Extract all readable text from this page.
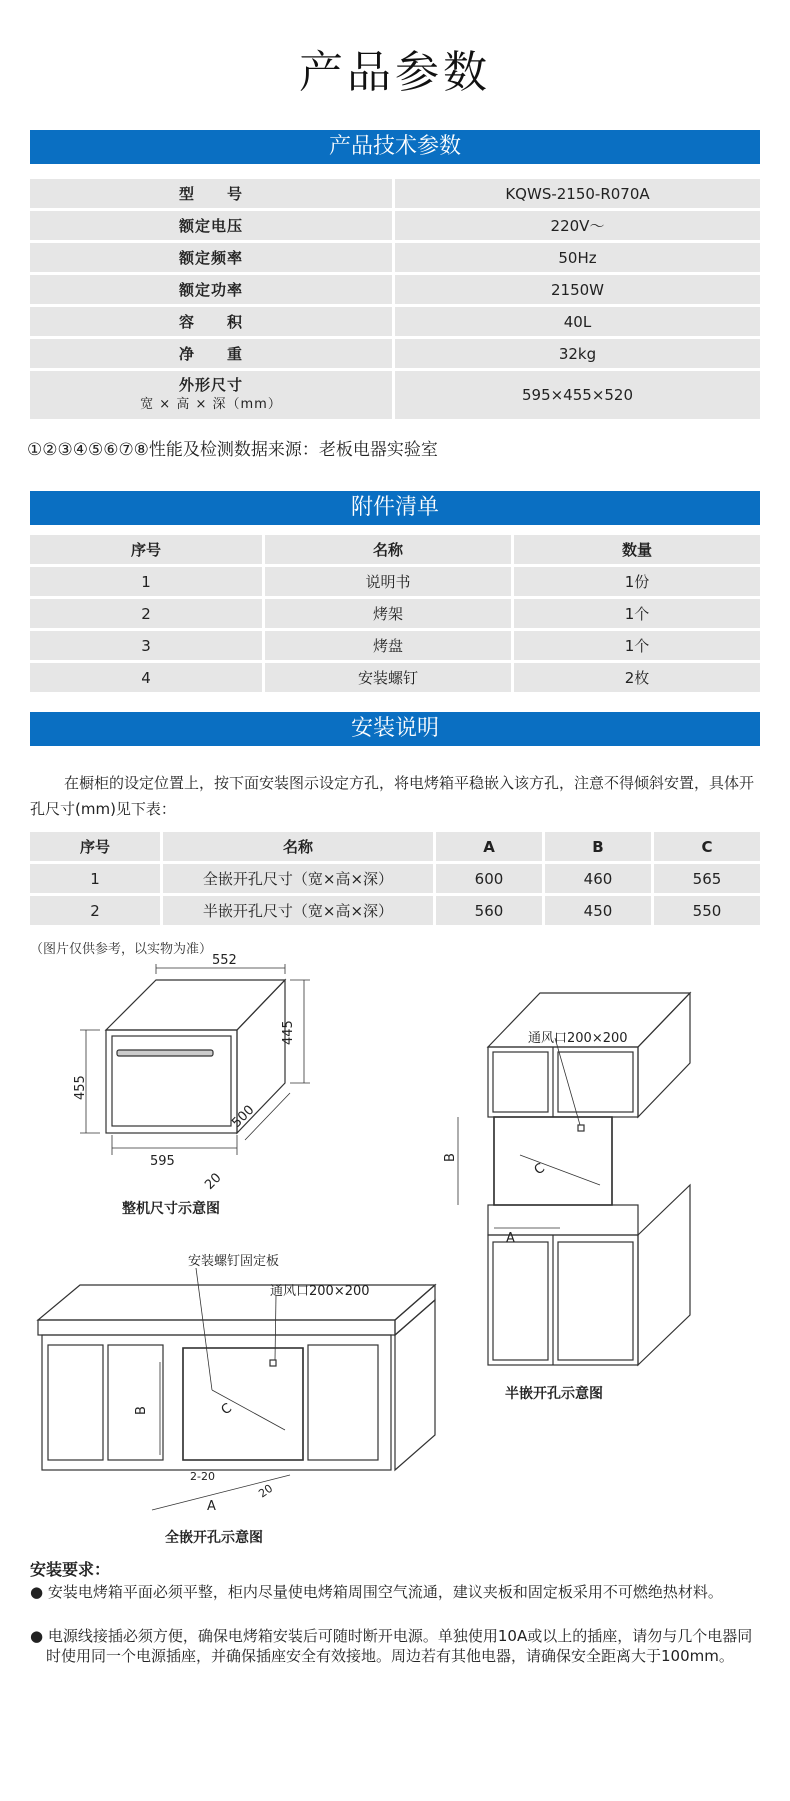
产品参数
产品技术参数
型　　号	KQWS-2150-R070A
额定电压	220V～
额定频率	50Hz
额定功率	2150W
容　　积	40L
净　　重	32kg

外形尺寸
宽 × 高 × 深（mm）	595×455×520
①②③④⑤⑥⑦⑧性能及检测数据来源：老板电器实验室
附件清单
序号	名称	数量
1	说明书	1份
2	烤架	1个
3	烤盘	1个
4	安装螺钉	2枚
安装说明
在橱柜的设定位置上，按下面安装图示设定方孔，将电烤箱平稳嵌入该方孔，注意不得倾斜安置，具体开孔尺寸(mm)见下表：
序号	名称	A	B	C
1	全嵌开孔尺寸（宽×高×深）	600	460	565
2	半嵌开孔尺寸（宽×高×深）	560	450	550
（图片仅供参考，以实物为准）
552
445
455
500
595
20
整机尺寸示意图
通风口200×200
B
C
A
半嵌开孔示意图
安装螺钉固定板
通风口200×200
B	C
2-20
20
A
全嵌开孔示意图
安装要求：
● 安装电烤箱平面必须平整，柜内尽量使电烤箱周围空气流通，建议夹板和固定板采用不可燃绝热材料。
● 电源线接插必须方便，确保电烤箱安装后可随时断开电源。单独使用10A或以上的插座，请勿与几个电器同时使用同一个电源插座，并确保插座安全有效接地。周边若有其他电器，请确保安全距离大于100mm。
